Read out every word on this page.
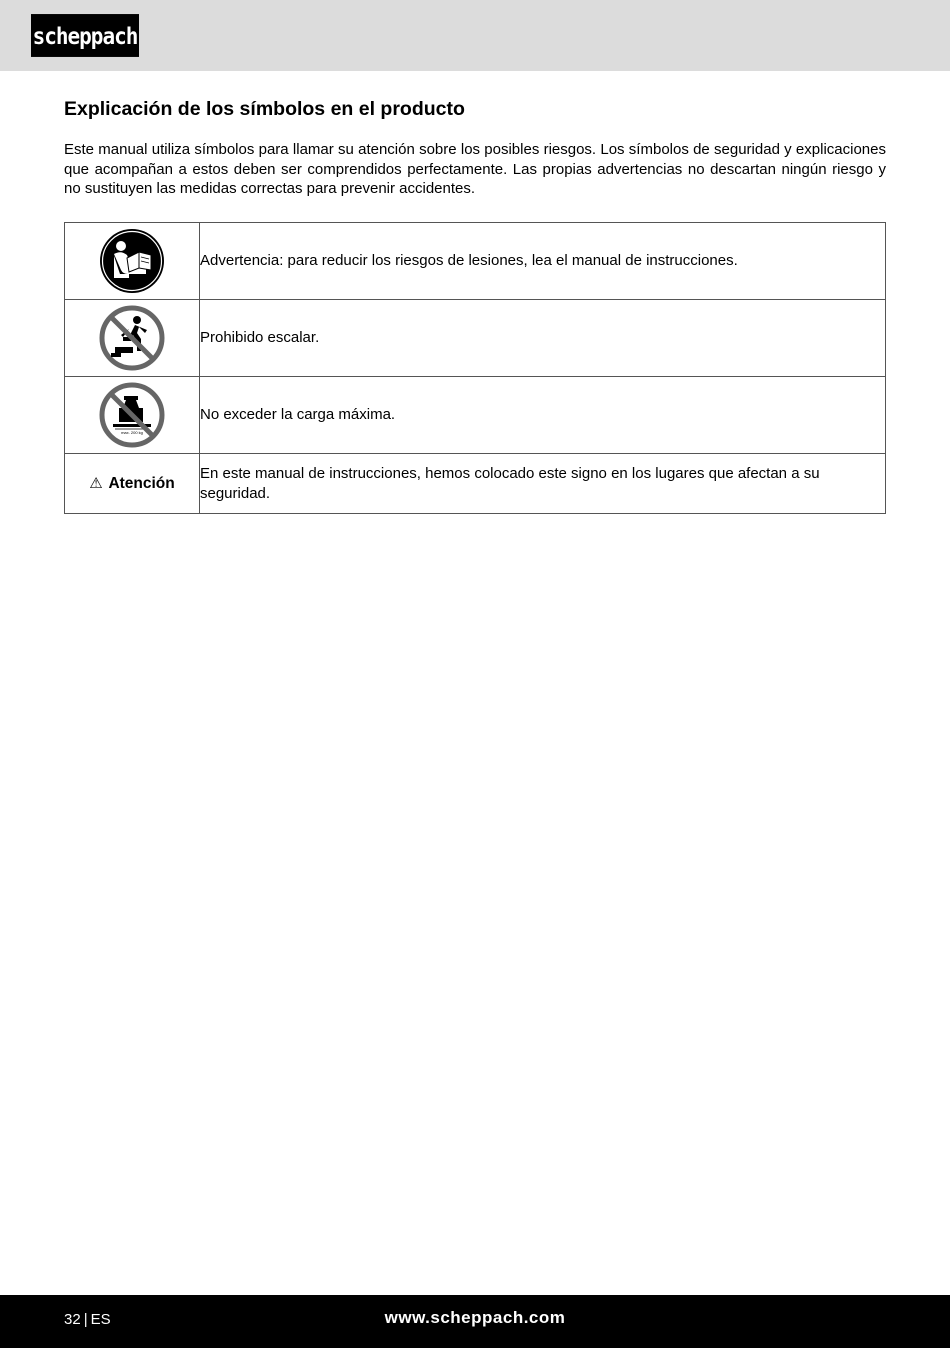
scheppach
Explicación de los símbolos en el producto

Este manual utiliza símbolos para llamar su atención sobre los posibles riesgos. Los símbolos de seguridad y explicaciones que acompañan a estos deben ser comprendidos perfectamente. Las propias advertencias no descartan ningún riesgo y no sustituyen las medidas correctas para prevenir accidentes.

	Advertencia: para reducir los riesgos de lesiones, lea el manual de instrucciones.

	Prohibido escalar.

max. 200 kg	No exceder la carga máxima.
⚠ Atención	En este manual de instrucciones, hemos colocado este signo en los lugares que afectan a su seguridad.
32 | ES	www.scheppach.com
